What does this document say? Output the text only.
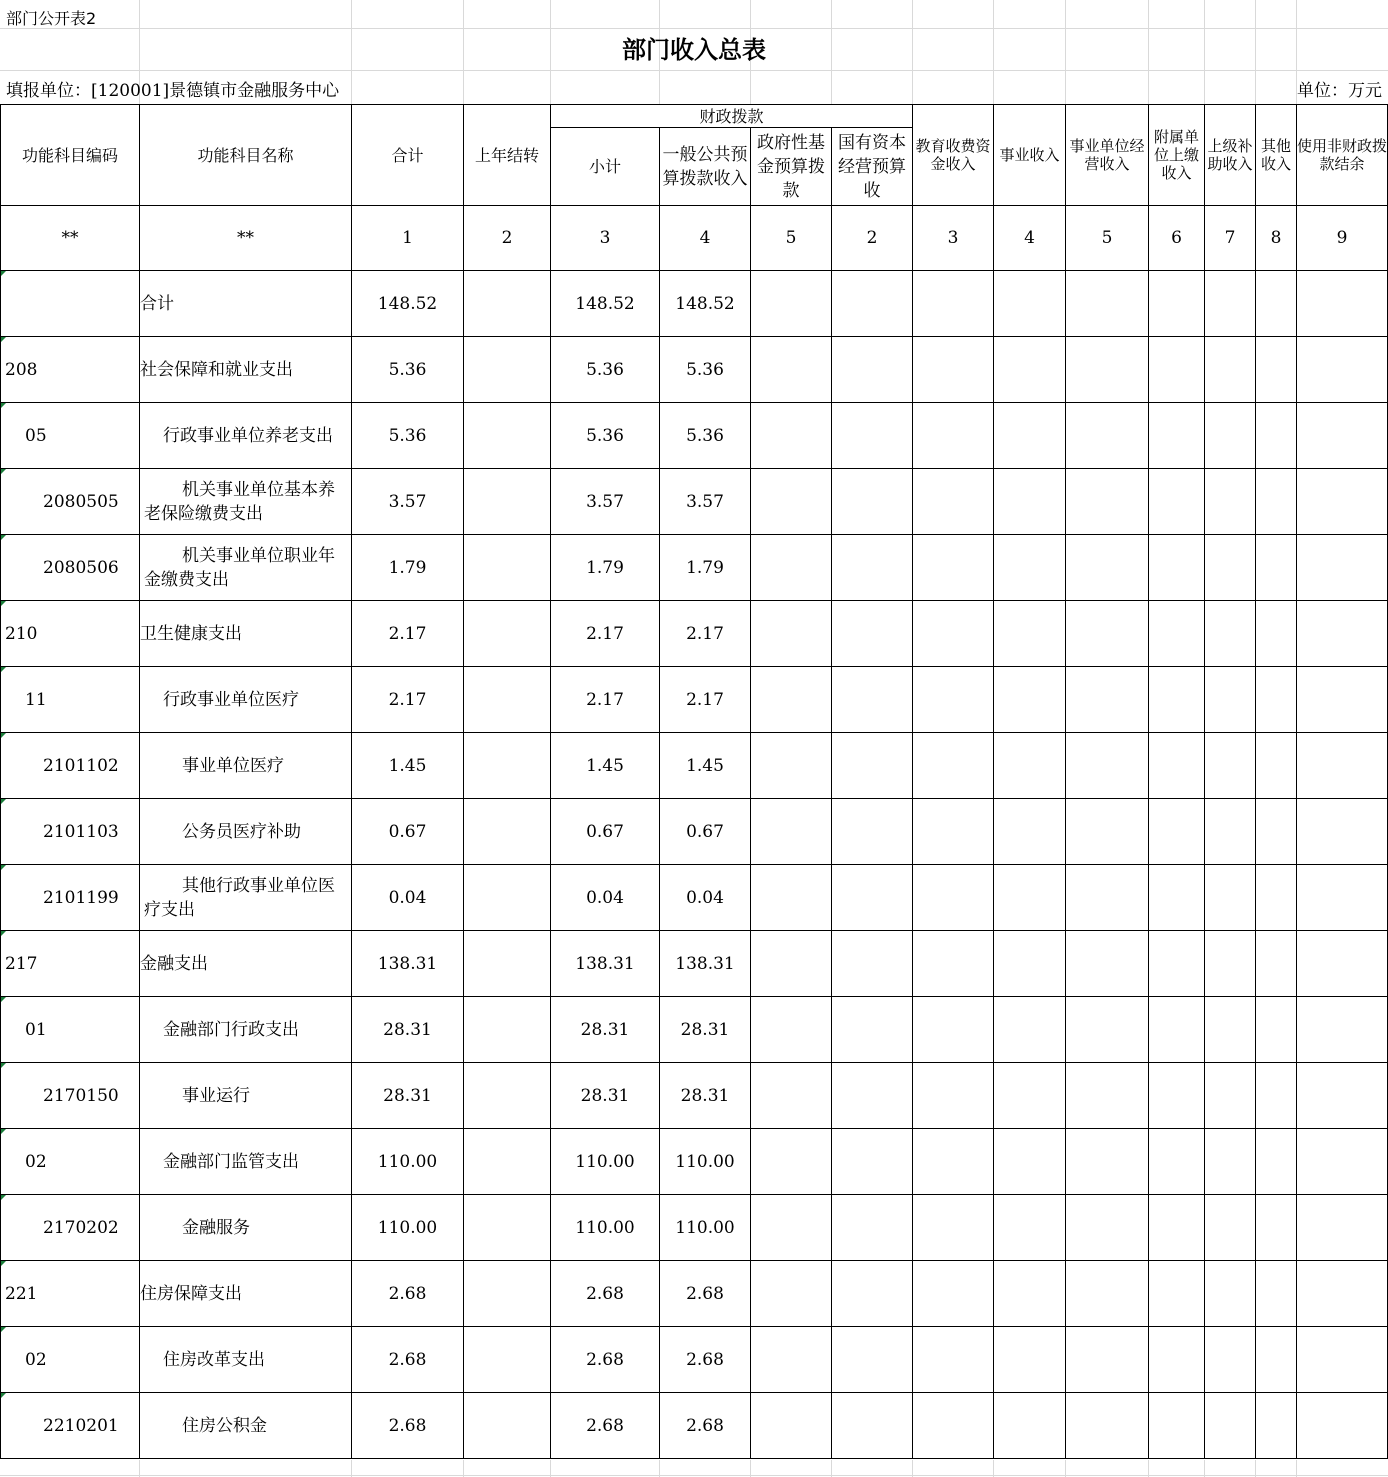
部门公开表2
部门收入总表
填报单位：[120001]景德镇市金融服务中心	单位：万元
功能科目编码	功能科目名称	合计	上年结转	财政拨款				教育收费资金收入	事业收入	事业单位经营收入	附属单位上缴收入	上级补助收入	其他收入	使用非财政拨款结余
				小计	一般公共预算拨款收入	政府性基金预算拨款	国有资本经营预算收							
**	**	1	2	3	4	5	2	3	4	5	6	7	8	9
	合计	148.52		148.52	148.52									
208	社会保障和就业支出	5.36		5.36	5.36									
05	行政事业单位养老支出	5.36		5.36	5.36									
2080505	机关事业单位基本养老保险缴费支出	3.57		3.57	3.57									
2080506	机关事业单位职业年金缴费支出	1.79		1.79	1.79									
210	卫生健康支出	2.17		2.17	2.17									
11	行政事业单位医疗	2.17		2.17	2.17									
2101102	事业单位医疗	1.45		1.45	1.45									
2101103	公务员医疗补助	0.67		0.67	0.67									
2101199	其他行政事业单位医疗支出	0.04		0.04	0.04									
217	金融支出	138.31		138.31	138.31									
01	金融部门行政支出	28.31		28.31	28.31									
2170150	事业运行	28.31		28.31	28.31									
02	金融部门监管支出	110.00		110.00	110.00									
2170202	金融服务	110.00		110.00	110.00									
221	住房保障支出	2.68		2.68	2.68									
02	住房改革支出	2.68		2.68	2.68									
2210201	住房公积金	2.68		2.68	2.68									
